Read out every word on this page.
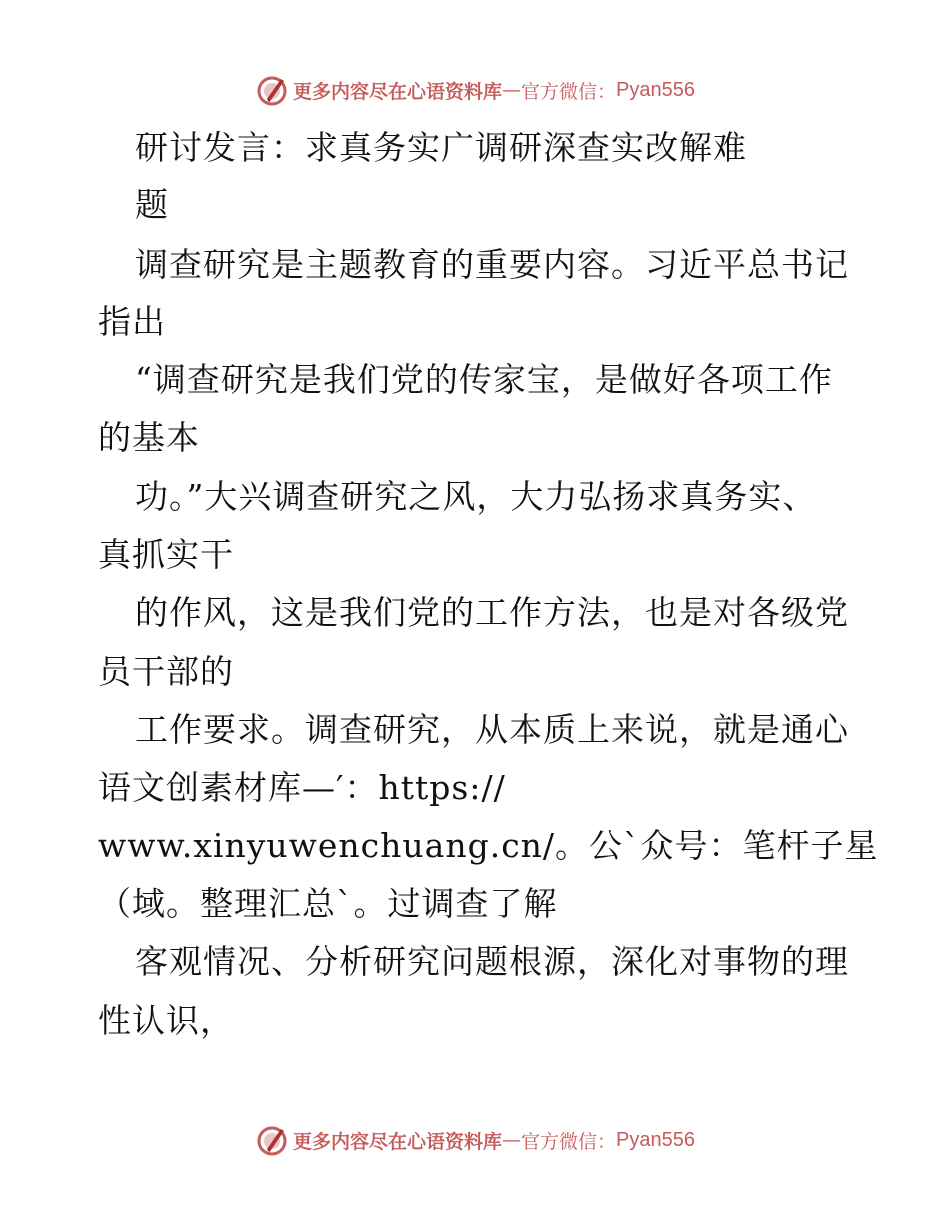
更多内容尽在心语资料库 — 官方微信： Pyan556
研讨发言：求真务实广调研深查实改解难
题
调查研究是主题教育的重要内容。习近平总书记
指出
“调查研究是我们党的传家宝，是做好各项工作
的基本
功。”大兴调查研究之风，大力弘扬求真务实、
真抓实干
的作风，这是我们党的工作方法，也是对各级党
员干部的
工作要求。调查研究，从本质上来说，就是通心
语文创素材库—′：https://
www.xinyuwenchuang.cn/。公`众号：笔杆子星
（域。整理汇总`。过调查了解
客观情况、分析研究问题根源，深化对事物的理
性认识，
更多内容尽在心语资料库 — 官方微信： Pyan556
